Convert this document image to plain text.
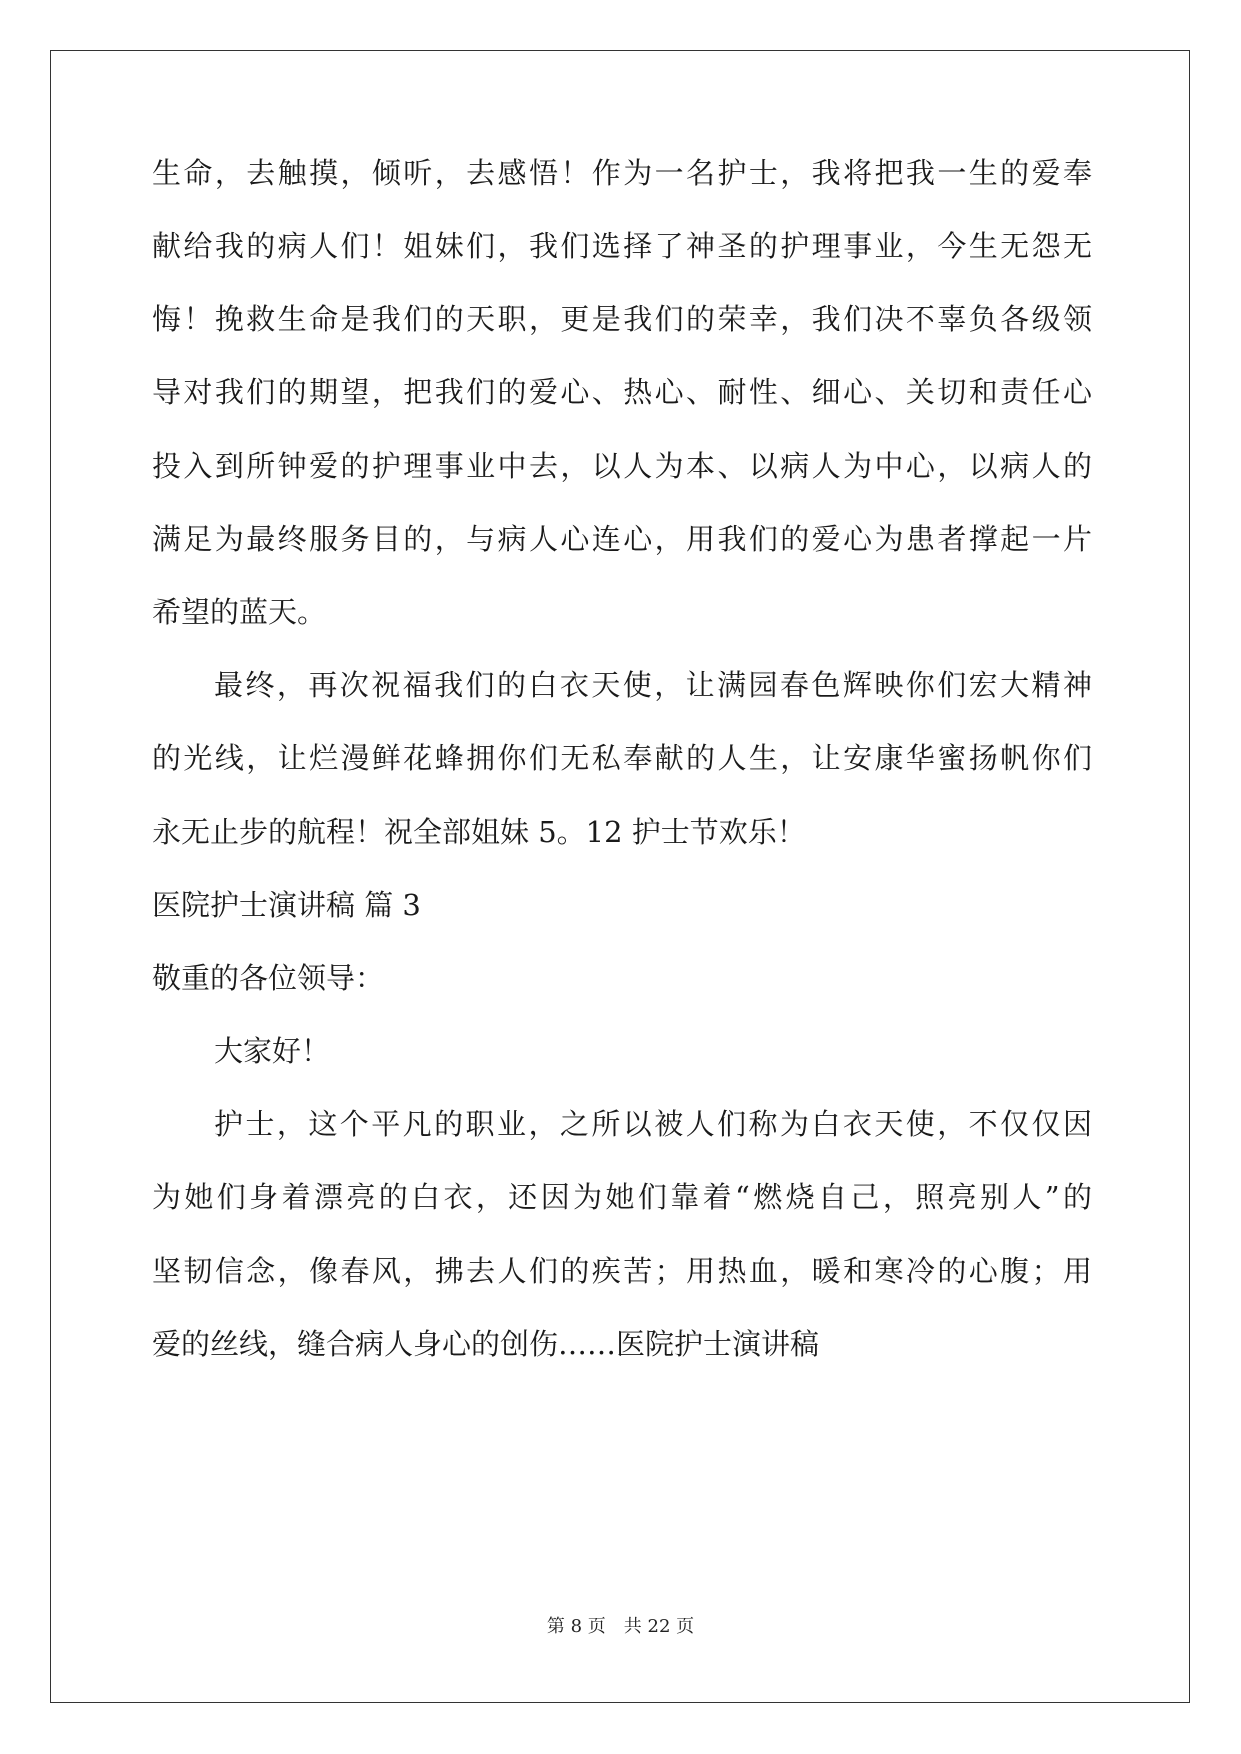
生命，去触摸，倾听，去感悟！作为一名护士，我将把我一生的爱奉
献给我的病人们！姐妹们，我们选择了神圣的护理事业，今生无怨无
悔！挽救生命是我们的天职，更是我们的荣幸，我们决不辜负各级领
导对我们的期望，把我们的爱心、热心、耐性、细心、关切和责任心
投入到所钟爱的护理事业中去，以人为本、以病人为中心，以病人的
满足为最终服务目的，与病人心连心，用我们的爱心为患者撑起一片
希望的蓝天。
最终，再次祝福我们的白衣天使，让满园春色辉映你们宏大精神
的光线，让烂漫鲜花蜂拥你们无私奉献的人生，让安康华蜜扬帆你们
永无止步的航程！祝全部姐妹 5。12 护士节欢乐！
医院护士演讲稿 篇 3
敬重的各位领导：
大家好！
护士，这个平凡的职业，之所以被人们称为白衣天使，不仅仅因
为她们身着漂亮的白衣，还因为她们靠着“燃烧自己，照亮别人”的
坚韧信念，像春风，拂去人们的疾苦；用热血，暖和寒冷的心腹；用
爱的丝线，缝合病人身心的创伤……医院护士演讲稿
第 8 页　共 22 页
